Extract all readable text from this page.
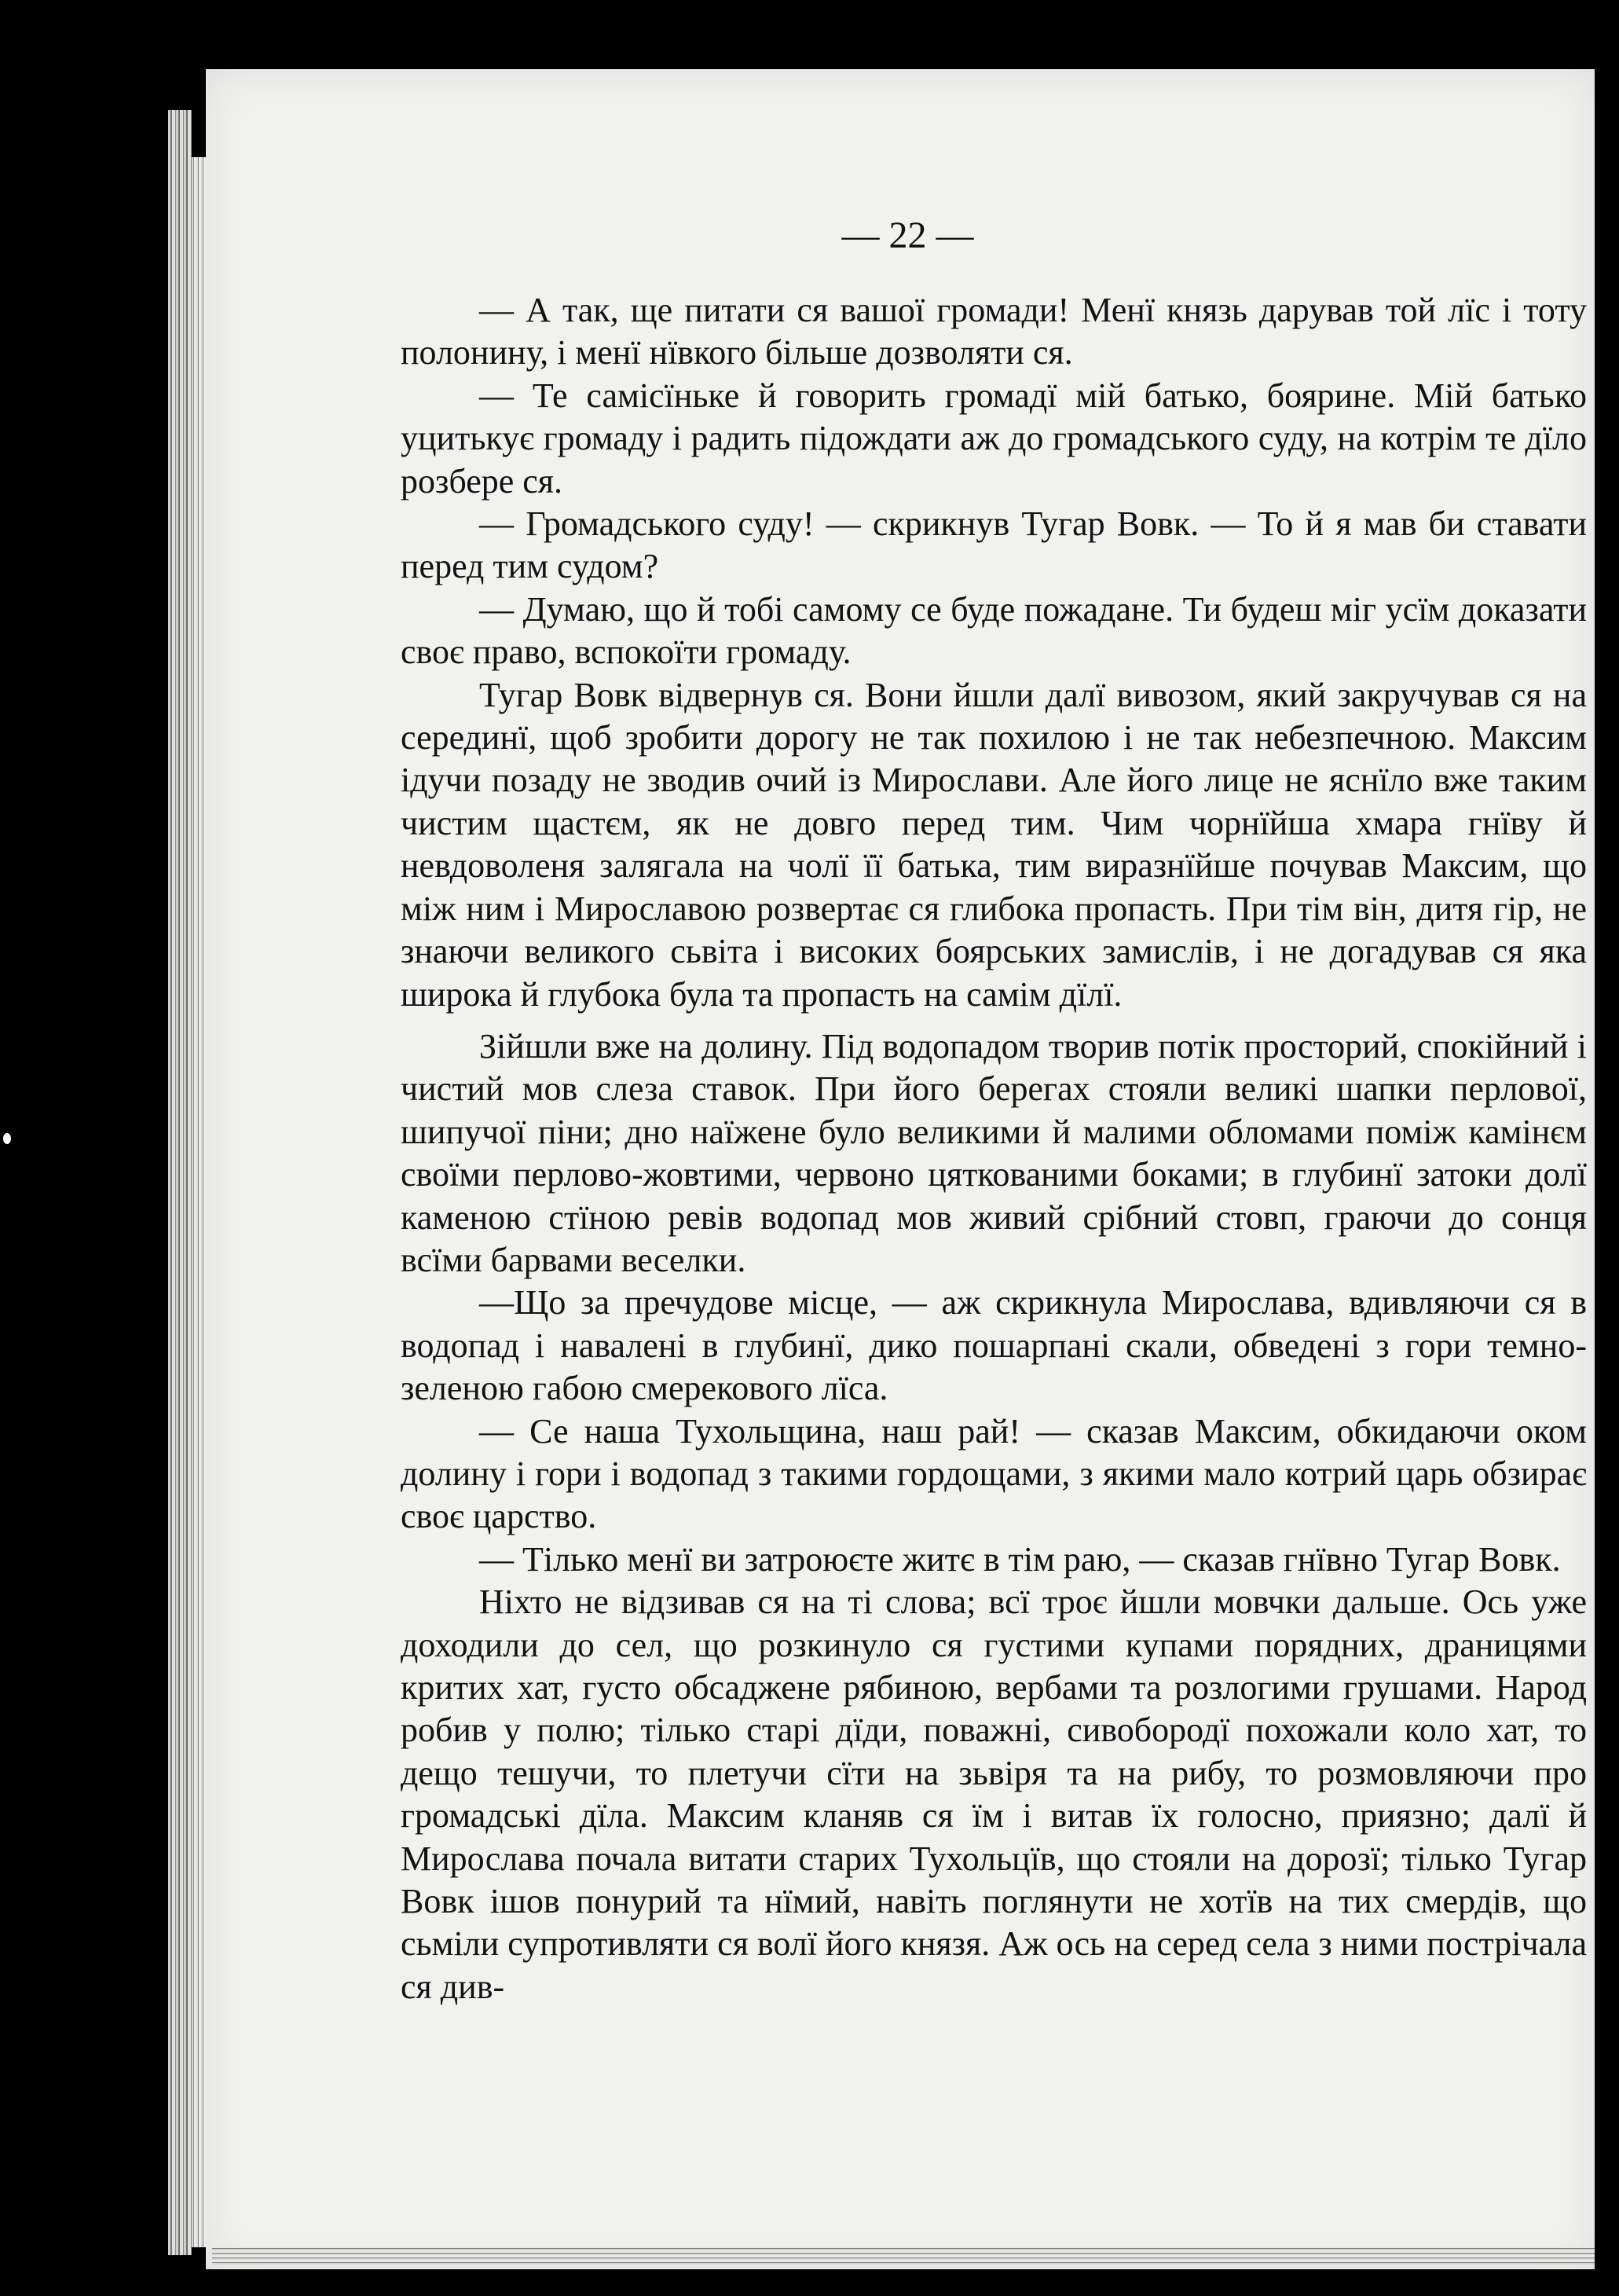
— 22 —

— А так, ще питати ся вашої громади! Менї князь дарував той лїс і тоту полонину, і менї нївкого більше дозволяти ся.

— Те самісїньке й говорить громадї мій батько, боярине. Мій батько уцитькує громаду і радить підождати аж до громадського суду, на котрім те дїло розбере ся.

— Громадського суду! — скрикнув Тугар Вовк. — То й я мав би ставати перед тим судом?

— Думаю, що й тобі самому се буде пожадане. Ти будеш міг усїм доказати своє право, вспокоїти громаду.

Тугар Вовк відвернув ся. Вони йшли далї вивозом, який закручував ся на серединї, щоб зробити дорогу не так похилою і не так небезпечною. Максим ідучи позаду не зводив очий із Мирослави. Але його лице не яснїло вже таким чистим щастєм, як не довго перед тим. Чим чорнїйша хмара гнїву й невдоволеня залягала на чолї її батька, тим виразнїйше почував Максим, що між ним і Мирославою розвертає ся глибока пропасть. При тім він, дитя гір, не знаючи великого сьвіта і високих боярських замислів, і не догадував ся яка широка й глубока була та пропасть на самім дїлї.

Зійшли вже на долину. Під водопадом творив потік просторий, спокійний і чистий мов слеза ставок. При його берегах стояли великі шапки перлової, шипучої піни; дно наїжене було великими й малими обломами поміж камінєм своїми перлово-жовтими, червоно цяткованими боками; в глубинї затоки долї каменою стїною ревів водопад мов живий срібний стовп, граючи до сонця всїми барвами веселки.

—Що за пречудове місце, — аж скрикнула Мирослава, вдивляючи ся в водопад і навалені в глубинї, дико пошарпані скали, обведені з гори темно-зеленою габою смерекового лїса.

— Се наша Тухольщина, наш рай! — сказав Максим, обкидаючи оком долину і гори і водопад з такими гордощами, з якими мало котрий царь обзирає своє царство.

— Тілько менї ви затроюєте житє в тім раю, — сказав гнївно Тугар Вовк.

Ніхто не відзивав ся на ті слова; всї троє йшли мовчки дальше. Ось уже доходили до сел, що розкинуло ся густими купами порядних, драницями критих хат, густо обсаджене рябиною, вербами та розлогими грушами. Народ робив у полю; тілько старі дїди, поважні, сивобородї похожали коло хат, то дещо тешучи, то плетучи сїти на зьвіря та на рибу, то розмовляючи про громадські дїла. Максим кланяв ся їм і витав їх голосно, приязно; далї й Мирослава почала витати старих Тухольцїв, що стояли на дорозї; тілько Тугар Вовк ішов понурий та нїмий, навіть поглянути не хотїв на тих смердів, що сьміли супротивляти ся волї його князя. Аж ось на серед села з ними пострічала ся див-
